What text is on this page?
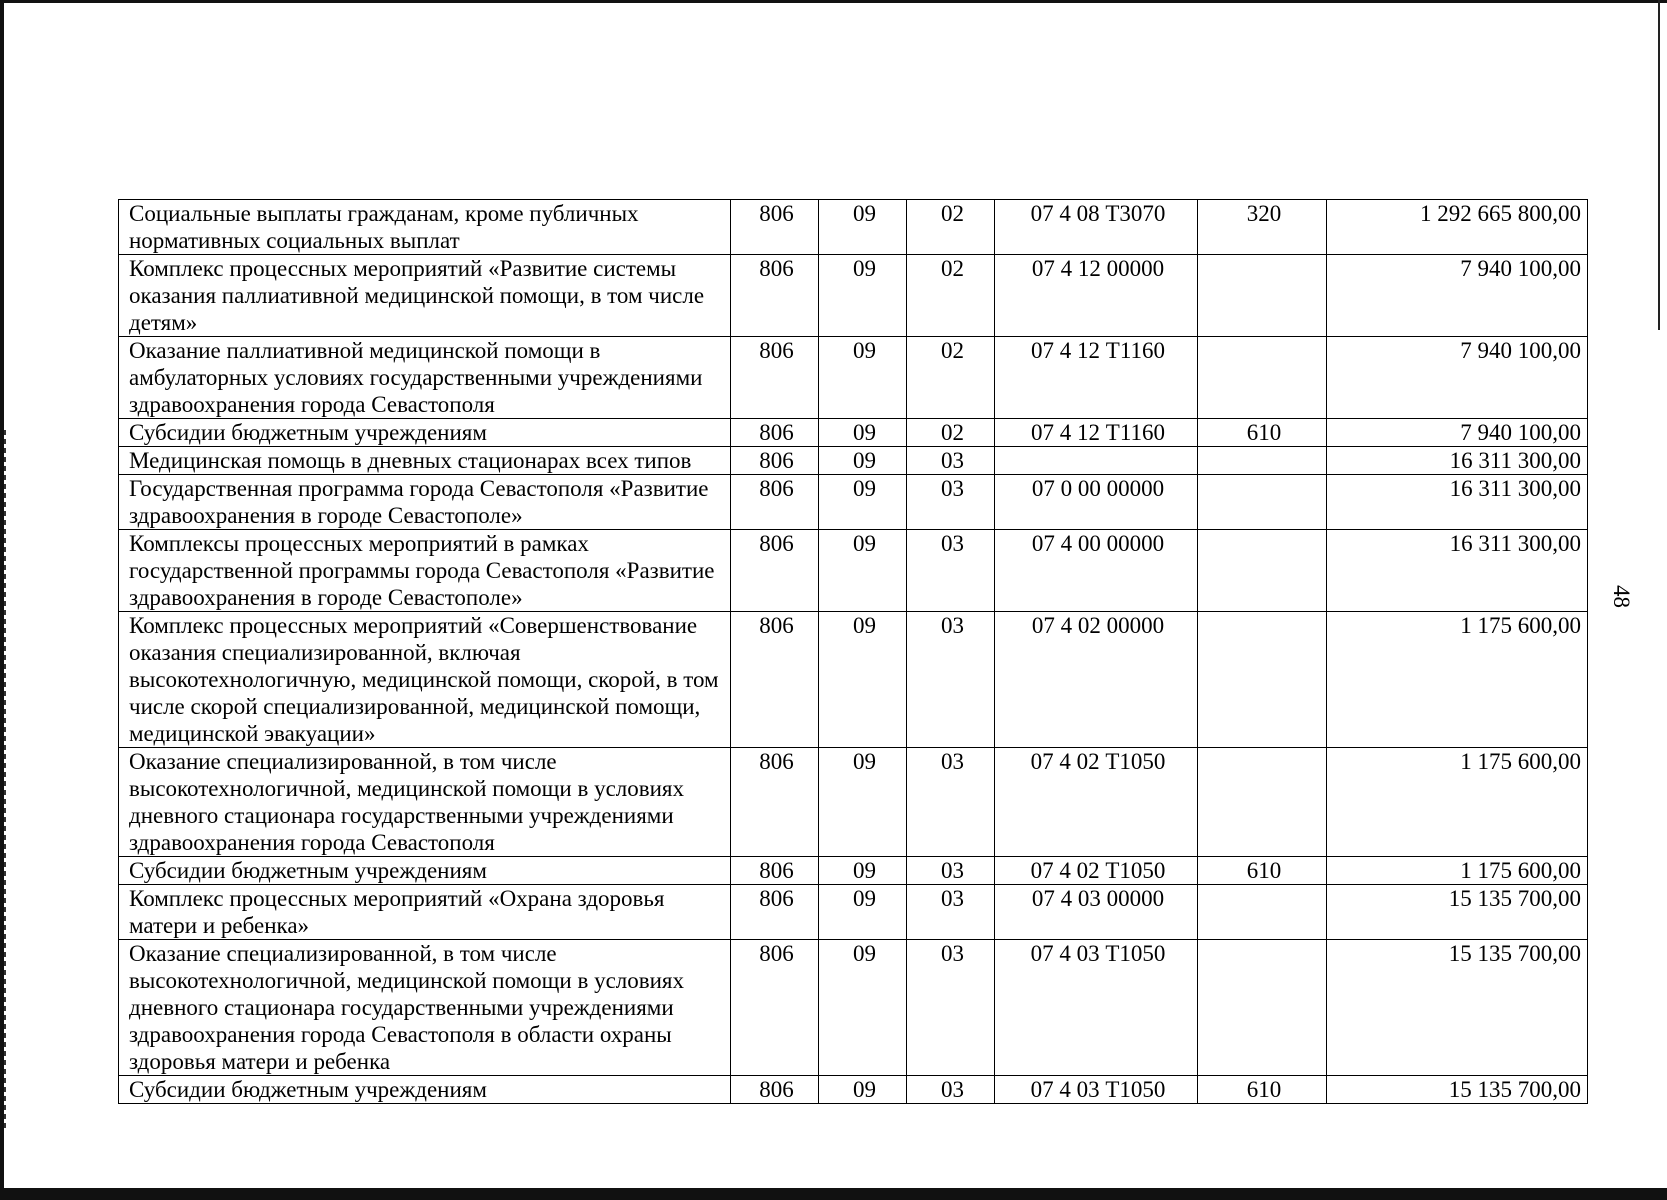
48
Социальные выплаты гражданам, кроме публичных нормативных социальных выплат	806	09	02	07 4 08 Т3070	320	1 292 665 800,00
Комплекс процессных мероприятий «Развитие системы оказания паллиативной медицинской помощи, в том числе детям»	806	09	02	07 4 12 00000		7 940 100,00
Оказание паллиативной медицинской помощи в амбулаторных условиях государственными учреждениями здравоохранения города Севастополя	806	09	02	07 4 12 Т1160		7 940 100,00
Субсидии бюджетным учреждениям	806	09	02	07 4 12 Т1160	610	7 940 100,00
Медицинская помощь в дневных стационарах всех типов	806	09	03			16 311 300,00
Государственная программа города Севастополя «Развитие здравоохранения в городе Севастополе»	806	09	03	07 0 00 00000		16 311 300,00
Комплексы процессных мероприятий в рамках государственной программы города Севастополя «Развитие здравоохранения в городе Севастополе»	806	09	03	07 4 00 00000		16 311 300,00
Комплекс процессных мероприятий «Совершенствование оказания специализированной, включая высокотехнологичную, медицинской помощи, скорой, в том числе скорой специализированной, медицинской помощи, медицинской эвакуации»	806	09	03	07 4 02 00000		1 175 600,00
Оказание специализированной, в том числе высокотехнологичной, медицинской помощи в условиях дневного стационара государственными учреждениями здравоохранения города Севастополя	806	09	03	07 4 02 Т1050		1 175 600,00
Субсидии бюджетным учреждениям	806	09	03	07 4 02 Т1050	610	1 175 600,00
Комплекс процессных мероприятий «Охрана здоровья матери и ребенка»	806	09	03	07 4 03 00000		15 135 700,00
Оказание специализированной, в том числе высокотехнологичной, медицинской помощи в условиях дневного стационара государственными учреждениями здравоохранения города Севастополя в области охраны здоровья матери и ребенка	806	09	03	07 4 03 Т1050		15 135 700,00
Субсидии бюджетным учреждениям	806	09	03	07 4 03 Т1050	610	15 135 700,00
